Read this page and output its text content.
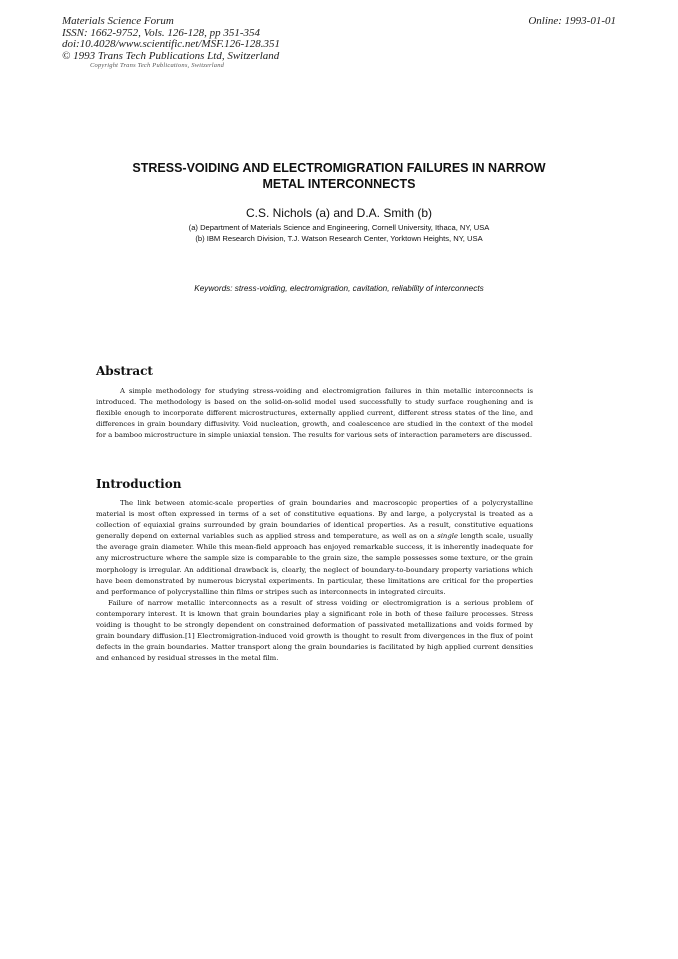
Materials Science Forum
ISSN: 1662-9752, Vols. 126-128, pp 351-354
doi:10.4028/www.scientific.net/MSF.126-128.351
© 1993 Trans Tech Publications Ltd, Switzerland
Online: 1993-01-01
Copyright Trans Tech Publications, Switzerland
STRESS-VOIDING AND ELECTROMIGRATION FAILURES IN NARROW
METAL INTERCONNECTS
C.S. Nichols (a) and D.A. Smith (b)
(a) Department of Materials Science and Engineering, Cornell University, Ithaca, NY, USA
(b) IBM Research Division, T.J. Watson Research Center, Yorktown Heights, NY, USA
Keywords: stress-voiding, electromigration, cavitation, reliability of interconnects
Abstract

A simple methodology for studying stress-voiding and electromigration failures in thin metallic interconnects is introduced. The methodology is based on the solid-on-solid model used successfully to study surface roughening and is flexible enough to incorporate different microstructures, externally applied current, different stress states of the line, and differences in grain boundary diffusivity. Void nucleation, growth, and coalescence are studied in the context of the model for a bamboo microstructure in simple uniaxial tension. The results for various sets of interaction parameters are discussed.

Introduction

The link between atomic-scale properties of grain boundaries and macroscopic properties of a polycrystalline material is most often expressed in terms of a set of constitutive equations. By and large, a polycrystal is treated as a collection of equiaxial grains surrounded by grain boundaries of identical properties. As a result, constitutive equations generally depend on external variables such as applied stress and temperature, as well as on a single length scale, usually the average grain diameter. While this mean-field approach has enjoyed remarkable success, it is inherently inadequate for any microstructure where the sample size is comparable to the grain size, the sample possesses some texture, or the grain morphology is irregular. An additional drawback is, clearly, the neglect of boundary-to-boundary property variations which have been demonstrated by numerous bicrystal experiments. In particular, these limitations are critical for the properties and performance of polycrystalline thin films or stripes such as interconnects in integrated circuits.

Failure of narrow metallic interconnects as a result of stress voiding or electromigration is a serious problem of contemporary interest. It is known that grain boundaries play a significant role in both of these failure processes. Stress voiding is thought to be strongly dependent on constrained deformation of passivated metallizations and voids formed by grain boundary diffusion.[1] Electromigration-induced void growth is thought to result from divergences in the flux of point defects in the grain boundaries. Matter transport along the grain boundaries is facilitated by high applied current densities and enhanced by residual stresses in the metal film.
